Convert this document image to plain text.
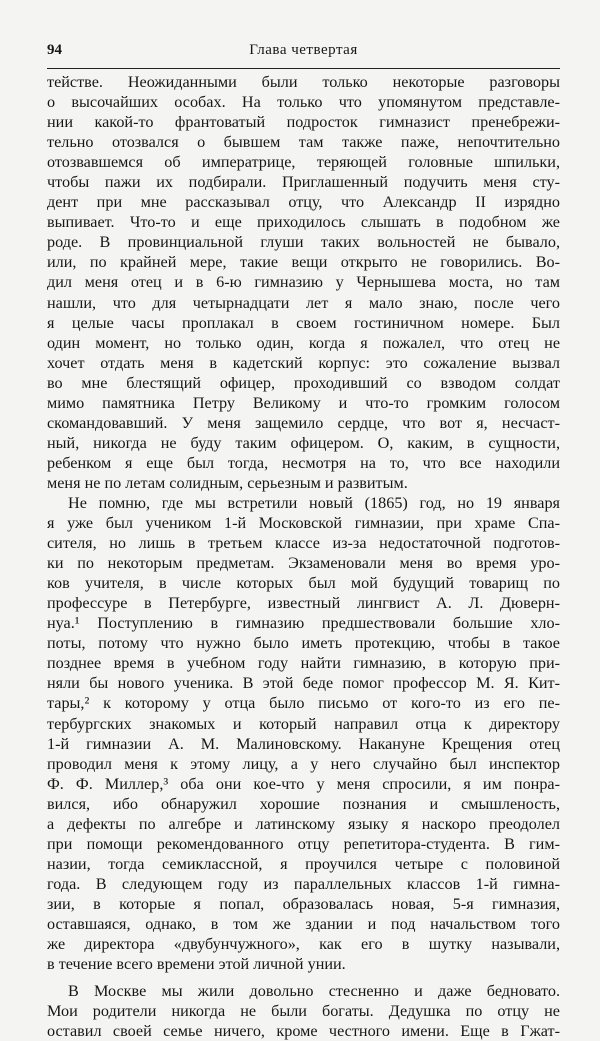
94	Глава четвертая
тействе. Неожиданными были только некоторые разговоры
о высочайших особах. На только что упомянутом представле-
нии какой-то франтоватый подросток гимназист пренебрежи-
тельно отозвался о бывшем там также паже, непочтительно
отозвавшемся об императрице, теряющей головные шпильки,
чтобы пажи их подбирали. Приглашенный подучить меня сту-
дент при мне рассказывал отцу, что Александр II изрядно
выпивает. Что-то и еще приходилось слышать в подобном же
роде. В провинциальной глуши таких вольностей не бывало,
или, по крайней мере, такие вещи открыто не говорились. Во-
дил меня отец и в 6-ю гимназию у Чернышева моста, но там
нашли, что для четырнадцати лет я мало знаю, после чего
я целые часы проплакал в своем гостиничном номере. Был
один момент, но только один, когда я пожалел, что отец не
хочет отдать меня в кадетский корпус: это сожаление вызвал
во мне блестящий офицер, проходивший со взводом солдат
мимо памятника Петру Великому и что-то громким голосом
скомандовавший. У меня защемило сердце, что вот я, несчаст-
ный, никогда не буду таким офицером. О, каким, в сущности,
ребенком я еще был тогда, несмотря на то, что все находили
меня не по летам солидным, серьезным и развитым.
Не помню, где мы встретили новый (1865) год, но 19 января
я уже был учеником 1-й Московской гимназии, при храме Спа-
сителя, но лишь в третьем классе из-за недостаточной подготов-
ки по некоторым предметам. Экзаменовали меня во время уро-
ков учителя, в числе которых был мой будущий товарищ по
профессуре в Петербурге, известный лингвист А. Л. Дюверн-
нуа.¹ Поступлению в гимназию предшествовали большие хло-
поты, потому что нужно было иметь протекцию, чтобы в такое
позднее время в учебном году найти гимназию, в которую при-
няли бы нового ученика. В этой беде помог профессор М. Я. Кит-
тары,² к которому у отца было письмо от кого-то из его пе-
тербургских знакомых и который направил отца к директору
1-й гимназии А. М. Малиновскому. Накануне Крещения отец
проводил меня к этому лицу, а у него случайно был инспектор
Ф. Ф. Миллер,³ оба они кое-что у меня спросили, я им понра-
вился, ибо обнаружил хорошие познания и смышленость,
а дефекты по алгебре и латинскому языку я наскоро преодолел
при помощи рекомендованного отцу репетитора-студента. В гим-
назии, тогда семиклассной, я проучился четыре с половиной
года. В следующем году из параллельных классов 1-й гимна-
зии, в которые я попал, образовалась новая, 5-я гимназия,
оставшаяся, однако, в том же здании и под начальством того
же директора «двубунчужного», как его в шутку называли,
в течение всего времени этой личной унии.
В Москве мы жили довольно стесненно и даже бедновато.
Мои родители никогда не были богаты. Дедушка по отцу не
оставил своей семье ничего, кроме честного имени. Еще в Гжат-
